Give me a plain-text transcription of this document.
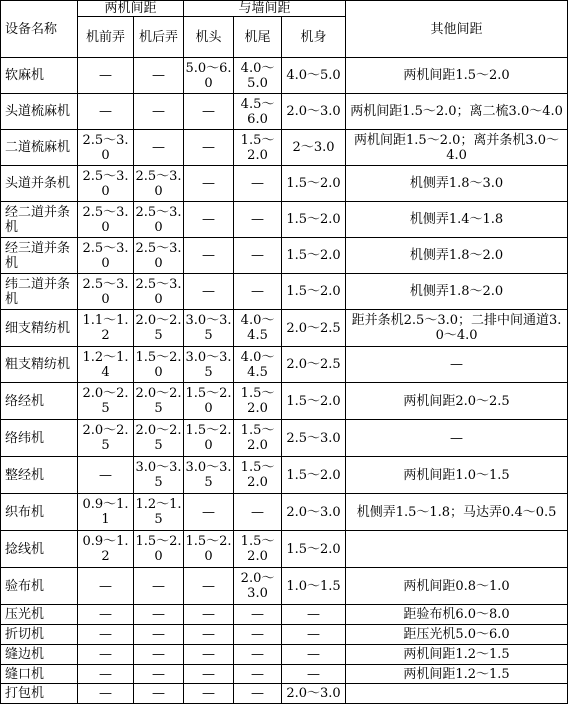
设备名称	两机间距		与墙间距			其他间距
	机前弄	机后弄	机头	机尾	机身	
软麻机	—	—	5.0～6.0	4.0～5.0	4.0～5.0	两机间距1.5～2.0
头道梳麻机	—	—	—	4.5～6.0	2.0～3.0	两机间距1.5～2.0；离二梳3.0～4.0
二道梳麻机	2.5～3.0	—	—	1.5～2.0	2～3.0	两机间距1.5～2.0；离并条机3.0～4.0
头道并条机	2.5～3.0	2.5～3.0	—	—	1.5～2.0	机侧弄1.8～3.0
经二道并条机	2.5～3.0	2.5～3.0	—	—	1.5～2.0	机侧弄1.4～1.8
经三道并条机	2.5～3.0	2.5～3.0	—	—	1.5～2.0	机侧弄1.8～2.0
纬二道并条机	2.5～3.0	2.5～3.0	—	—	1.5～2.0	机侧弄1.8～2.0
细支精纺机	1.1～1.2	2.0～2.5	3.0～3.5	4.0～4.5	2.0～2.5	距并条机2.5～3.0；二排中间通道3.0～4.0
粗支精纺机	1.2～1.4	1.5～2.0	3.0～3.5	4.0～4.5	2.0～2.5	—
络经机	2.0～2.5	2.0～2.5	1.5～2.0	1.5～2.0	1.5～2.0	两机间距2.0～2.5
络纬机	2.0～2.5	2.0～2.5	1.5～2.0	1.5～2.0	2.5～3.0	—
整经机	—	3.0～3.5	3.0～3.5	1.5～2.0	1.5～2.0	两机间距1.0～1.5
织布机	0.9～1.1	1.2～1.5	—	—	2.0～3.0	机侧弄1.5～1.8；马达弄0.4～0.5
捻线机	0.9～1.2	1.5～2.0	1.5～2.0	1.5～2.0	1.5～2.0	
验布机	—	—	—	2.0～3.0	1.0～1.5	两机间距0.8～1.0
压光机	—	—	—	—	—	距验布机6.0～8.0
折切机	—	—	—	—	—	距压光机5.0～6.0
缝边机	—	—	—	—	—	两机间距1.2～1.5
缝口机	—	—	—	—	—	两机间距1.2～1.5
打包机	—	—	—	—	2.0～3.0	
